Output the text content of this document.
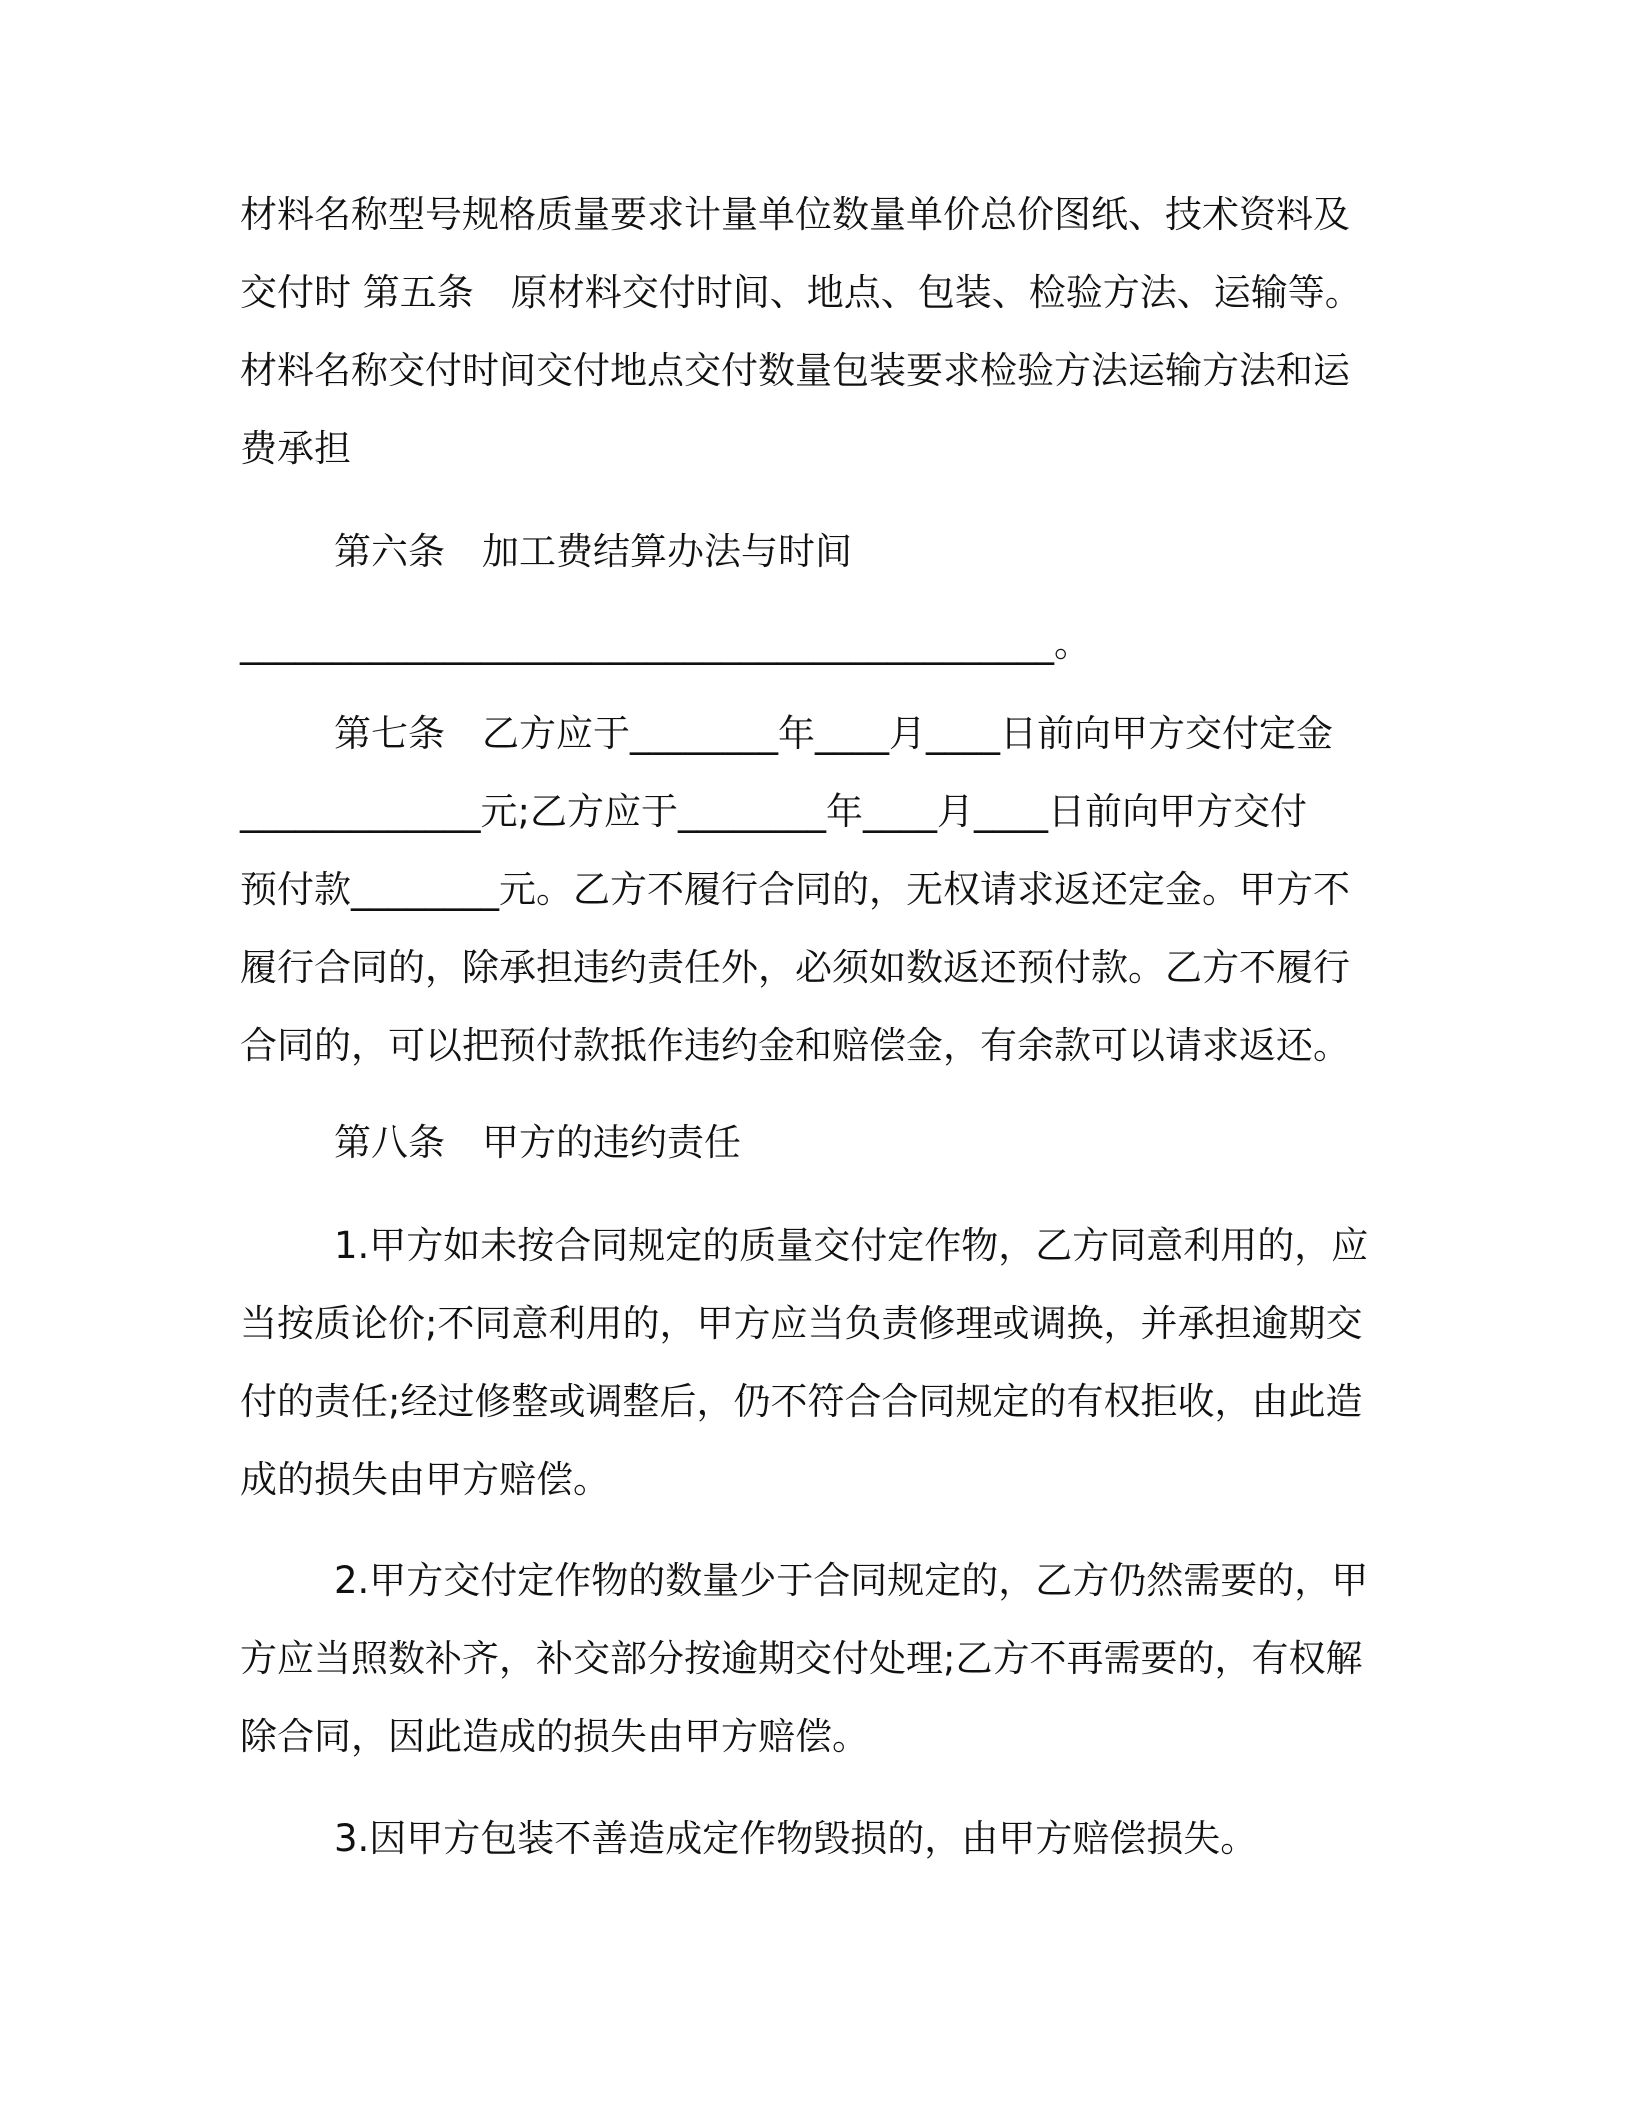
材料名称型号规格质量要求计量单位数量单价总价图纸、技术资料及
交付时 第五条　原材料交付时间、地点、包装、检验方法、运输等。
材料名称交付时间交付地点交付数量包装要求检验方法运输方法和运
费承担
第六条　加工费结算办法与时间
____________________________________________。
第七条　乙方应于________年____月____日前向甲方交付定金
_____________元;乙方应于________年____月____日前向甲方交付
预付款________元。乙方不履行合同的，无权请求返还定金。甲方不
履行合同的，除承担违约责任外，必须如数返还预付款。乙方不履行
合同的，可以把预付款抵作违约金和赔偿金，有余款可以请求返还。
第八条　甲方的违约责任
1.甲方如未按合同规定的质量交付定作物，乙方同意利用的，应
当按质论价;不同意利用的，甲方应当负责修理或调换，并承担逾期交
付的责任;经过修整或调整后，仍不符合合同规定的有权拒收，由此造
成的损失由甲方赔偿。
2.甲方交付定作物的数量少于合同规定的，乙方仍然需要的，甲
方应当照数补齐，补交部分按逾期交付处理;乙方不再需要的，有权解
除合同，因此造成的损失由甲方赔偿。
3.因甲方包装不善造成定作物毁损的，由甲方赔偿损失。
